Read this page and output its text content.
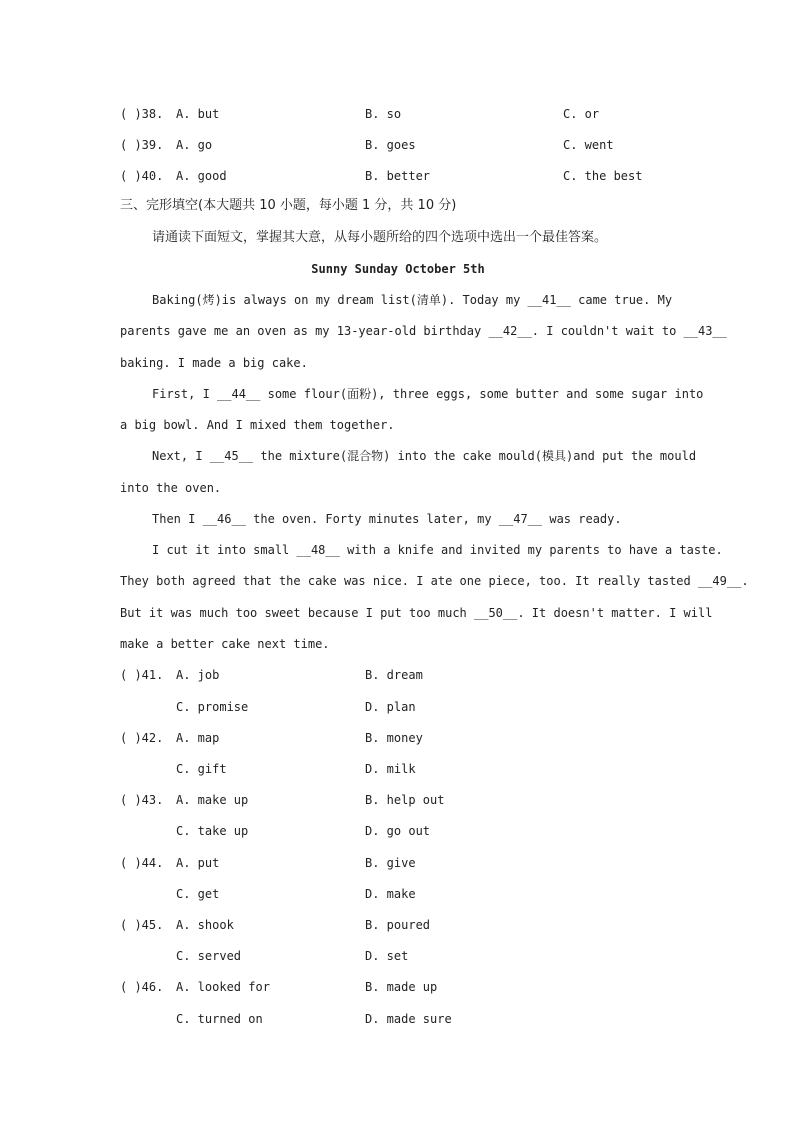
( )38. A. but	B. so	C. or
( )39. A. go	B. goes	C. went
( )40. A. good	B. better	C. the best
三、完形填空(本大题共 10 小题，每小题 1 分，共 10 分)
请通读下面短文，掌握其大意，从每小题所给的四个选项中选出一个最佳答案。
Sunny Sunday October 5th
Baking(烤)is always on my dream list(清单). Today my __41__ came true. My
parents gave me an oven as my 13-year-old birthday __42__. I couldn't wait to __43__
baking. I made a big cake.
First, I __44__ some flour(面粉), three eggs, some butter and some sugar into
a big bowl. And I mixed them together.
Next, I __45__ the mixture(混合物) into the cake mould(模具)and put the mould
into the oven.
Then I __46__ the oven. Forty minutes later, my __47__ was ready.
I cut it into small __48__ with a knife and invited my parents to have a taste.
They both agreed that the cake was nice. I ate one piece, too. It really tasted __49__.
But it was much too sweet because I put too much __50__. It doesn't matter. I will
make a better cake next time.
( )41. A. job	B. dream
C. promise	D. plan
( )42. A. map	B. money
C. gift	D. milk
( )43. A. make up	B. help out
C. take up	D. go out
( )44. A. put	B. give
C. get	D. make
( )45. A. shook	B. poured
C. served	D. set
( )46. A. looked for	B. made up
C. turned on	D. made sure
